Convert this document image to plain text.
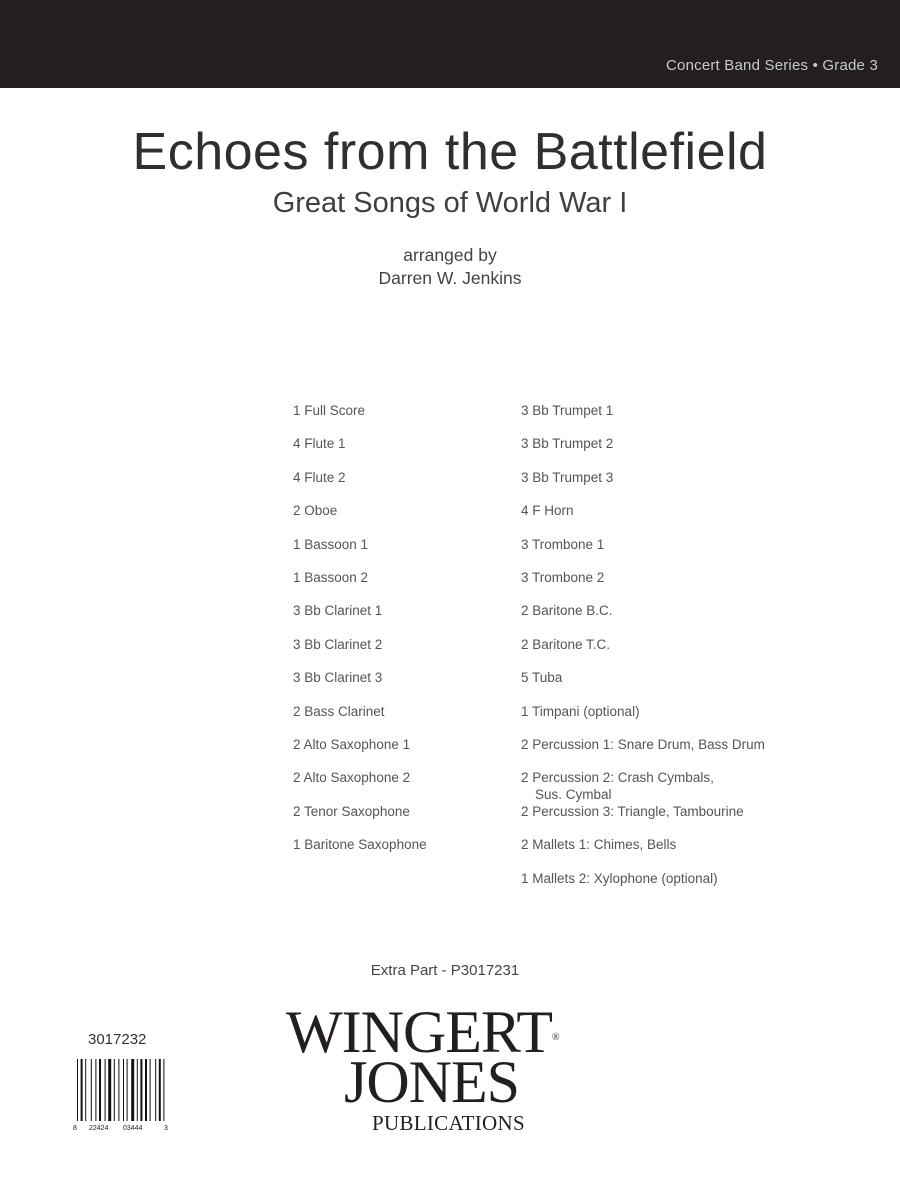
Concert Band Series • Grade 3
Echoes from the Battlefield
Great Songs of World War I
arranged by
Darren W. Jenkins
1 Full Score
4 Flute 1
4 Flute 2
2 Oboe
1 Bassoon 1
1 Bassoon 2
3 Bb Clarinet 1
3 Bb Clarinet 2
3 Bb Clarinet 3
2 Bass Clarinet
2 Alto Saxophone 1
2 Alto Saxophone 2
2 Tenor Saxophone
1 Baritone Saxophone
3 Bb Trumpet 1
3 Bb Trumpet 2
3 Bb Trumpet 3
4 F Horn
3 Trombone 1
3 Trombone 2
2 Baritone B.C.
2 Baritone T.C.
5 Tuba
1 Timpani (optional)
2 Percussion 1: Snare Drum, Bass Drum
2 Percussion 2: Crash Cymbals,
Sus. Cymbal
2 Percussion 3: Triangle, Tambourine
2 Mallets 1: Chimes, Bells
1 Mallets 2: Xylophone (optional)
Extra Part - P3017231
3017232
8 22424 03444	3
WINGERT®
JONES
PUBLICATIONS
